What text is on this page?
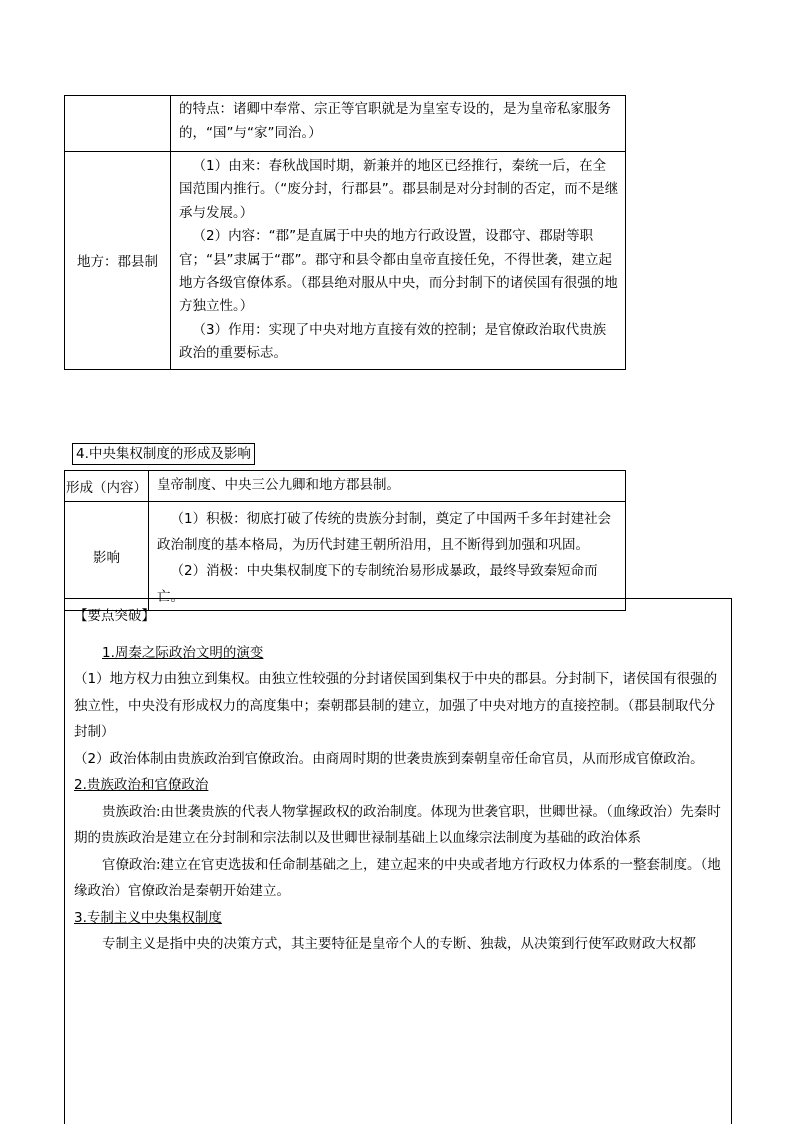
	的特点：诸卿中奉常、宗正等官职就是为皇室专设的，是为皇帝私家服务的，“国”与“家”同治。）

地方：郡县制	（1）由来：春秋战国时期，新兼并的地区已经推行，秦统一后，在全国范围内推行。（“废分封，行郡县”。郡县制是对分封制的否定，而不是继承与发展。）
（2）内容：“郡”是直属于中央的地方行政设置，设郡守、郡尉等职官；“县”隶属于“郡”。郡守和县令都由皇帝直接任免，不得世袭，建立起地方各级官僚体系。（郡县绝对服从中央，而分封制下的诸侯国有很强的地方独立性。）
（3）作用：实现了中央对地方直接有效的控制；是官僚政治取代贵族政治的重要标志。
4.中央集权制度的形成及影响
形成（内容）	皇帝制度、中央三公九卿和地方郡县制。

影响	（1）积极：彻底打破了传统的贵族分封制，奠定了中国两千多年封建社会政治制度的基本格局，为历代封建王朝所沿用，且不断得到加强和巩固。
（2）消极：中央集权制度下的专制统治易形成暴政，最终导致秦短命而亡。

【要点突破】

1.周秦之际政治文明的演变

（1）地方权力由独立到集权。由独立性较强的分封诸侯国到集权于中央的郡县。分封制下，诸侯国有很强的独立性，中央没有形成权力的高度集中；秦朝郡县制的建立，加强了中央对地方的直接控制。（郡县制取代分封制）

（2）政治体制由贵族政治到官僚政治。由商周时期的世袭贵族到秦朝皇帝任命官员，从而形成官僚政治。

2.贵族政治和官僚政治

贵族政治:由世袭贵族的代表人物掌握政权的政治制度。体现为世袭官职，世卿世禄。（血缘政治）先秦时期的贵族政治是建立在分封制和宗法制以及世卿世禄制基础上以血缘宗法制度为基础的政治体系

官僚政治:建立在官吏选拔和任命制基础之上，建立起来的中央或者地方行政权力体系的一整套制度。（地缘政治）官僚政治是秦朝开始建立。

3.专制主义中央集权制度

专制主义是指中央的决策方式，其主要特征是皇帝个人的专断、独裁，从决策到行使军政财政大权都
